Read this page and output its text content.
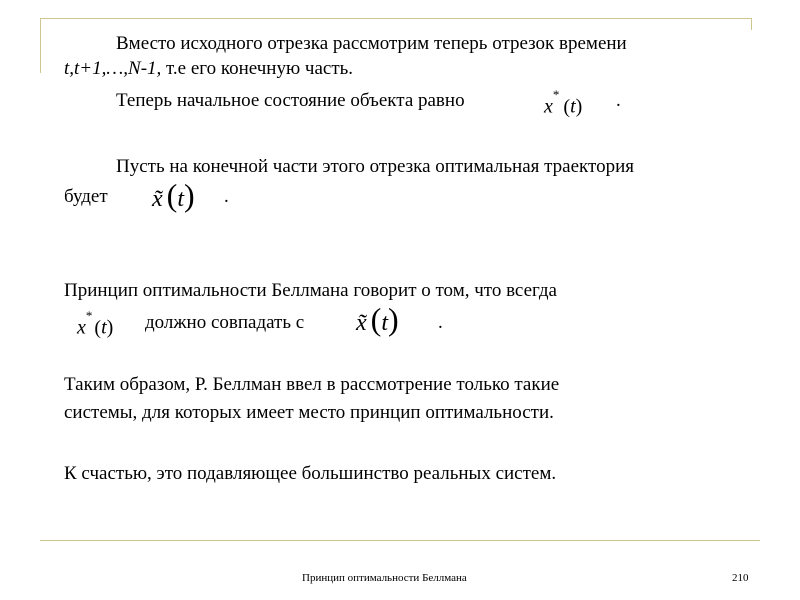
Вместо исходного отрезка рассмотрим теперь отрезок времени
t,t+1,…,N-1, т.е его конечную часть.
Теперь начальное состояние объекта равно	x*(t) .
Пусть на конечной части этого отрезка оптимальная траектория
будет x̃ (t) .
Принцип оптимальности Беллмана говорит о том, что всегда
x*(t) должно совпадать с x̃ (t) .
Таким образом, Р. Беллман ввел в рассмотрение только такие
системы, для которых имеет место принцип оптимальности.
К счастью, это подавляющее большинство реальных систем.
Принцип оптимальности Беллмана	210
